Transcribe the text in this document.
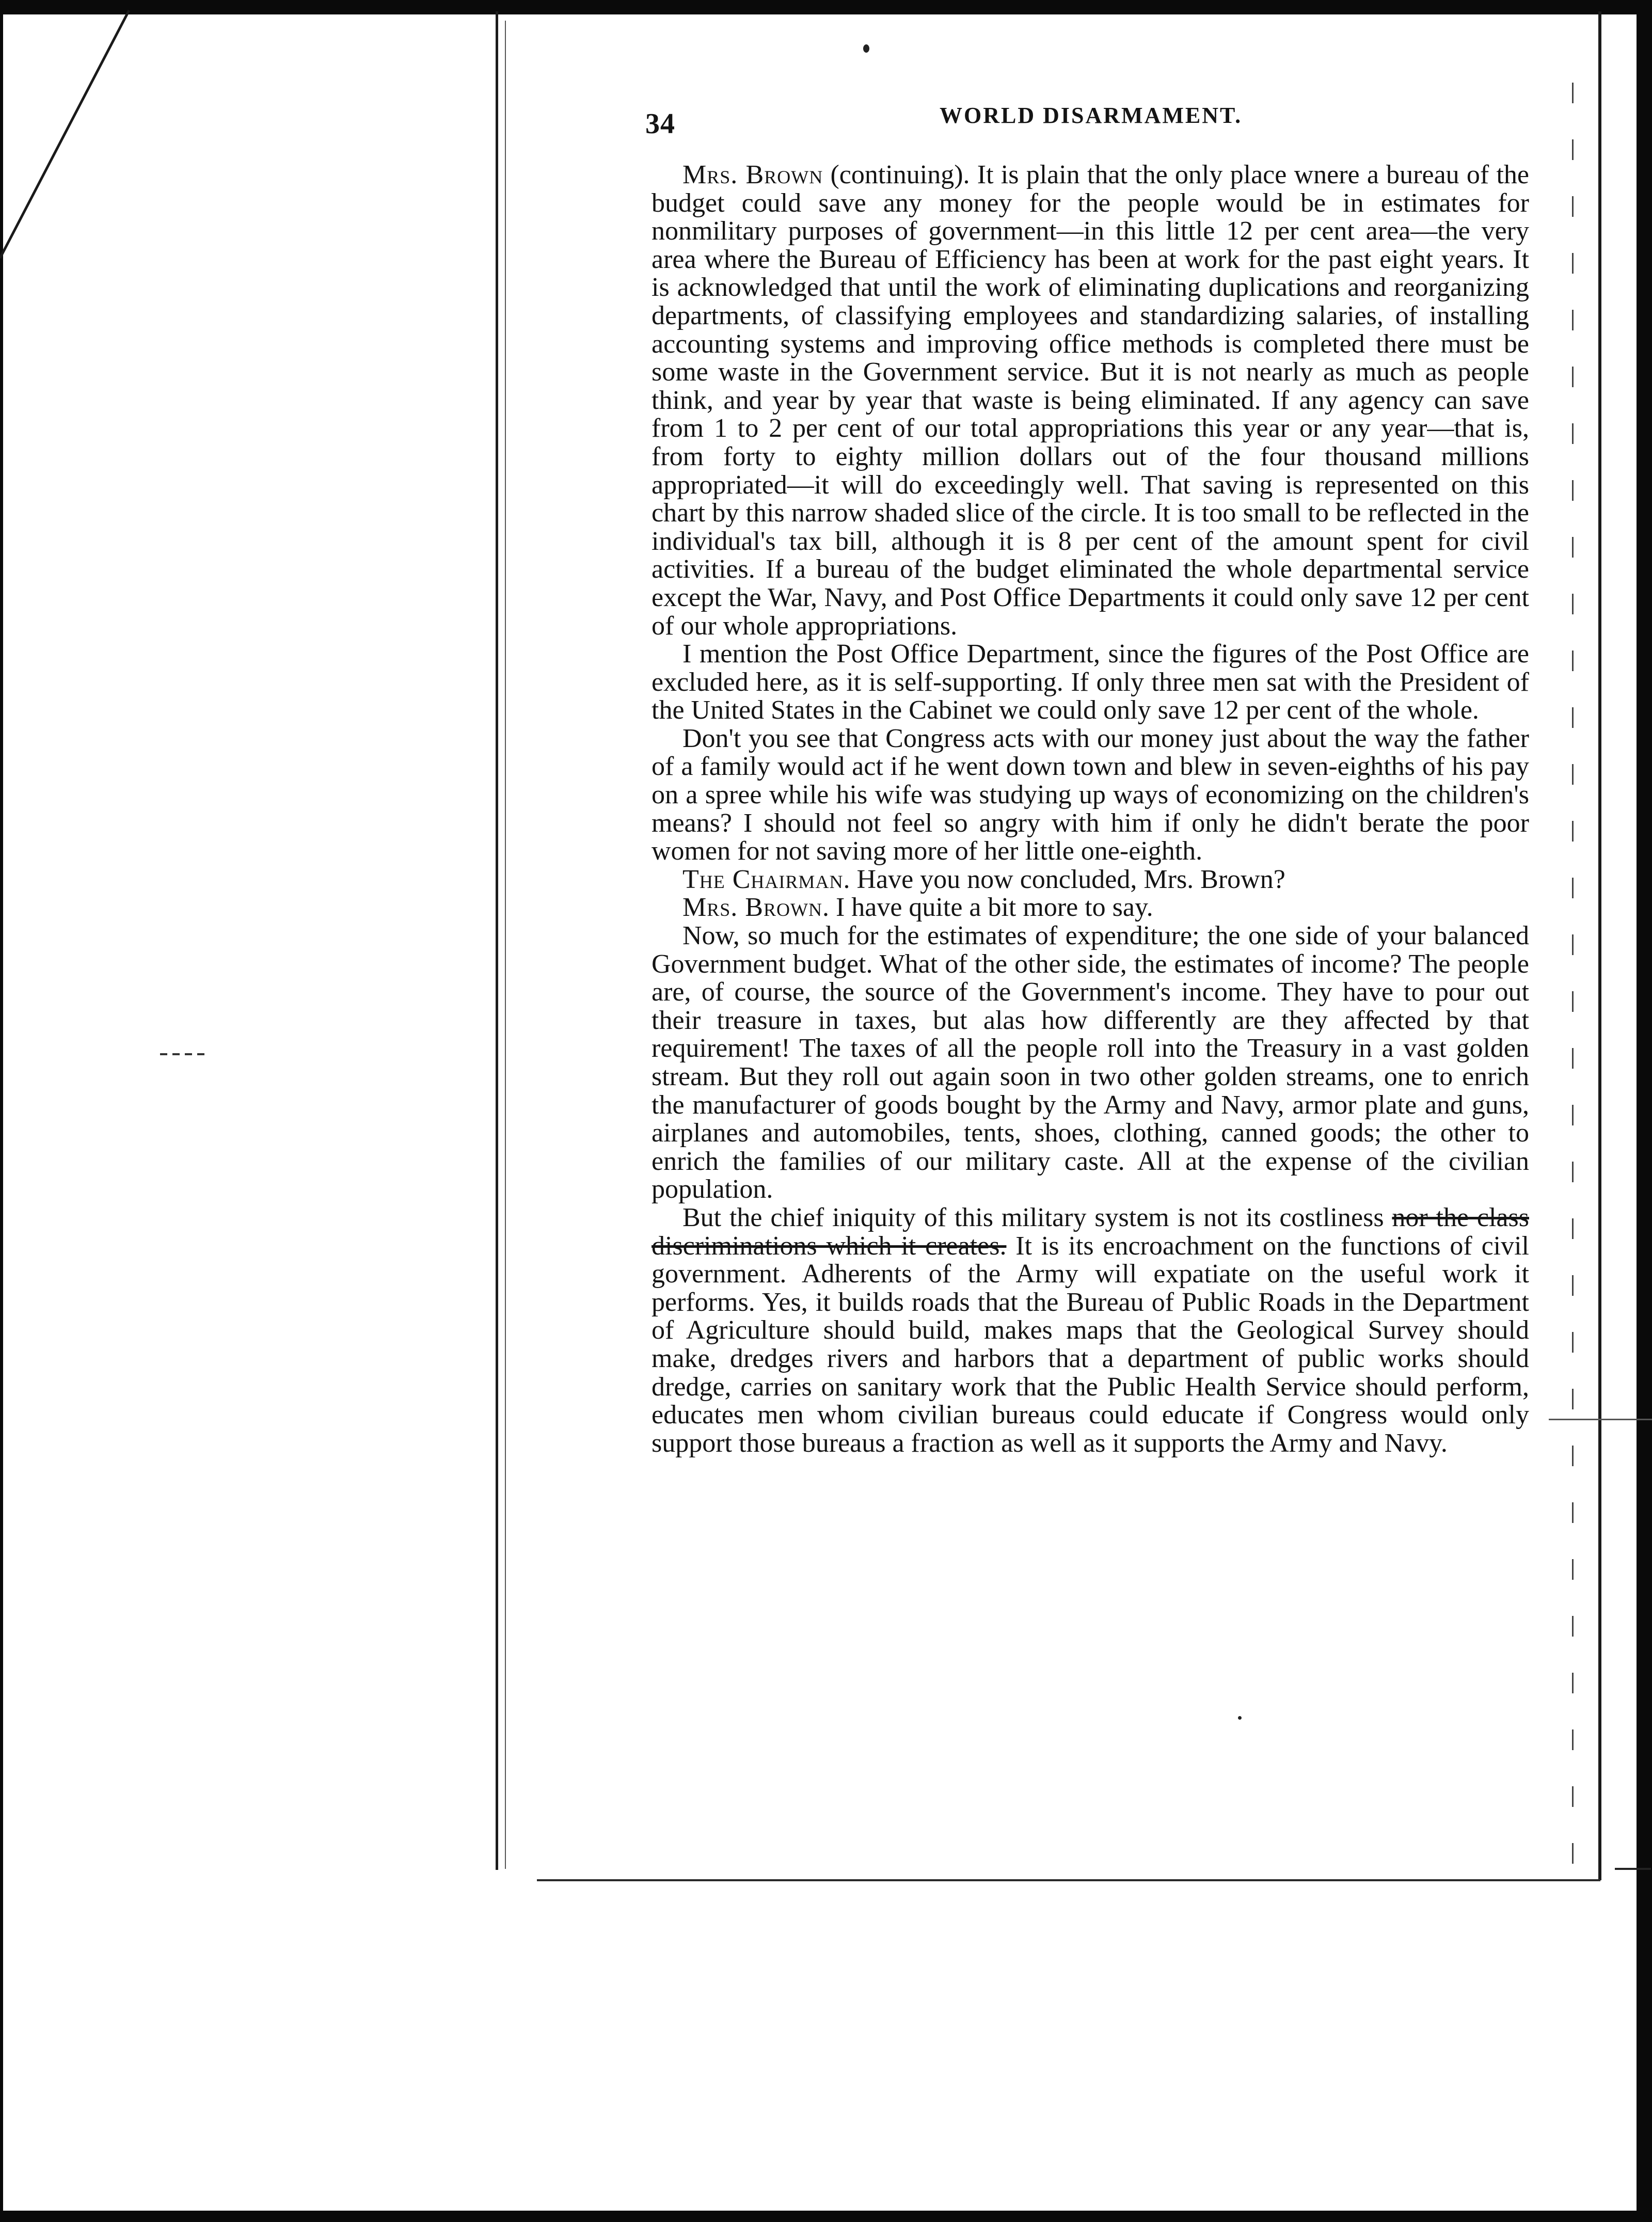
34	WORLD DISARMAMENT.

Mrs. Brown (continuing). It is plain that the only place wnere a bureau of the budget could save any money for the people would be in estimates for nonmilitary purposes of government—in this little 12 per cent area—the very area where the Bureau of Efficiency has been at work for the past eight years. It is acknowledged that until the work of eliminating duplications and reorganizing departments, of classifying employees and standardizing salaries, of installing accounting systems and improving office methods is completed there must be some waste in the Government service. But it is not nearly as much as people think, and year by year that waste is being eliminated. If any agency can save from 1 to 2 per cent of our total appropriations this year or any year—that is, from forty to eighty million dollars out of the four thousand millions appropriated—it will do exceedingly well. That saving is represented on this chart by this narrow shaded slice of the circle. It is too small to be reflected in the individual's tax bill, although it is 8 per cent of the amount spent for civil activities. If a bureau of the budget eliminated the whole departmental service except the War, Navy, and Post Office Departments it could only save 12 per cent of our whole appropriations.

I mention the Post Office Department, since the figures of the Post Office are excluded here, as it is self-supporting. If only three men sat with the President of the United States in the Cabinet we could only save 12 per cent of the whole.

Don't you see that Congress acts with our money just about the way the father of a family would act if he went down town and blew in seven-eighths of his pay on a spree while his wife was studying up ways of economizing on the children's means? I should not feel so angry with him if only he didn't berate the poor women for not saving more of her little one-eighth.

The Chairman. Have you now concluded, Mrs. Brown?

Mrs. Brown. I have quite a bit more to say.

Now, so much for the estimates of expenditure; the one side of your balanced Government budget. What of the other side, the estimates of income? The people are, of course, the source of the Government's income. They have to pour out their treasure in taxes, but alas how differently are they affected by that requirement! The taxes of all the people roll into the Treasury in a vast golden stream. But they roll out again soon in two other golden streams, one to enrich the manufacturer of goods bought by the Army and Navy, armor plate and guns, airplanes and automobiles, tents, shoes, clothing, canned goods; the other to enrich the families of our military caste. All at the expense of the civilian population.

But the chief iniquity of this military system is not its costliness nor the class discriminations which it creates. It is its encroachment on the functions of civil government. Adherents of the Army will expatiate on the useful work it performs. Yes, it builds roads that the Bureau of Public Roads in the Department of Agriculture should build, makes maps that the Geological Survey should make, dredges rivers and harbors that a department of public works should dredge, carries on sanitary work that the Public Health Service should perform, educates men whom civilian bureaus could educate if Congress would only support those bureaus a fraction as well as it supports the Army and Navy.
